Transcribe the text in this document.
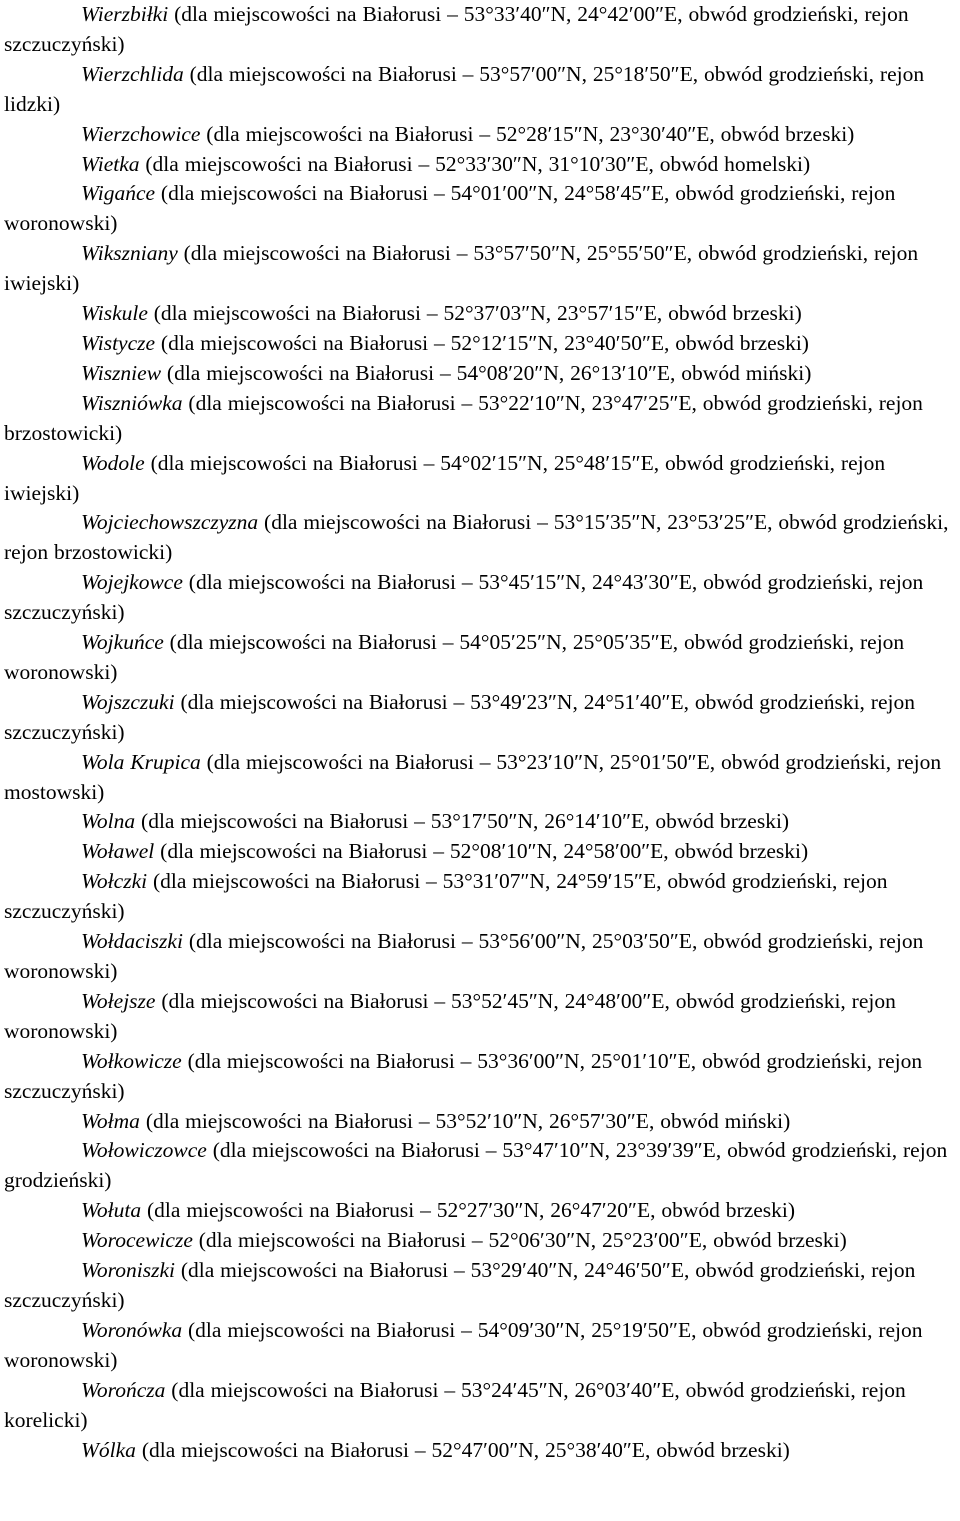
Wierzbiłki (dla miejscowości na Białorusi – 53°33′40″N, 24°42′00″E, obwód grodzieński, rejon szczuczyński)

Wierzchlida (dla miejscowości na Białorusi – 53°57′00″N, 25°18′50″E, obwód grodzieński, rejon lidzki)

Wierzchowice (dla miejscowości na Białorusi – 52°28′15″N, 23°30′40″E, obwód brzeski)

Wietka (dla miejscowości na Białorusi – 52°33′30″N, 31°10′30″E, obwód homelski)

Wigańce (dla miejscowości na Białorusi – 54°01′00″N, 24°58′45″E, obwód grodzieński, rejon woronowski)

Wiksznianу (dla miejscowości na Białorusi – 53°57′50″N, 25°55′50″E, obwód grodzieński, rejon iwiejski)

Wiskule (dla miejscowości na Białorusi – 52°37′03″N, 23°57′15″E, obwód brzeski)

Wistycze (dla miejscowości na Białorusi – 52°12′15″N, 23°40′50″E, obwód brzeski)

Wiszniew (dla miejscowości na Białorusi – 54°08′20″N, 26°13′10″E, obwód miński)

Wiszniówka (dla miejscowości na Białorusi – 53°22′10″N, 23°47′25″E, obwód grodzieński, rejon brzostowicki)

Wodole (dla miejscowości na Białorusi – 54°02′15″N, 25°48′15″E, obwód grodzieński, rejon iwiejski)

Wojciechowszczyzna (dla miejscowości na Białorusi – 53°15′35″N, 23°53′25″E, obwód grodzieński, rejon brzostowicki)

Wojejkowce (dla miejscowości na Białorusi – 53°45′15″N, 24°43′30″E, obwód grodzieński, rejon szczuczyński)

Wojkuńce (dla miejscowości na Białorusi – 54°05′25″N, 25°05′35″E, obwód grodzieński, rejon woronowski)

Wojszczuki (dla miejscowości na Białorusi – 53°49′23″N, 24°51′40″E, obwód grodzieński, rejon szczuczyński)

Wola Krupica (dla miejscowości na Białorusi – 53°23′10″N, 25°01′50″E, obwód grodzieński, rejon mostowski)

Wolna (dla miejscowości na Białorusi – 53°17′50″N, 26°14′10″E, obwód brzeski)

Woławel (dla miejscowości na Białorusi – 52°08′10″N, 24°58′00″E, obwód brzeski)

Wołczki (dla miejscowości na Białorusi – 53°31′07″N, 24°59′15″E, obwód grodzieński, rejon szczuczyński)

Wołdaciszki (dla miejscowości na Białorusi – 53°56′00″N, 25°03′50″E, obwód grodzieński, rejon woronowski)

Wołejsze (dla miejscowości na Białorusi – 53°52′45″N, 24°48′00″E, obwód grodzieński, rejon woronowski)

Wołkowicze (dla miejscowości na Białorusi – 53°36′00″N, 25°01′10″E, obwód grodzieński, rejon szczuczyński)

Wołma (dla miejscowości na Białorusi – 53°52′10″N, 26°57′30″E, obwód miński)

Wołowiczowce (dla miejscowości na Białorusi – 53°47′10″N, 23°39′39″E, obwód grodzieński, rejon grodzieński)

Wołuta (dla miejscowości na Białorusi – 52°27′30″N, 26°47′20″E, obwód brzeski)

Worocewicze (dla miejscowości na Białorusi – 52°06′30″N, 25°23′00″E, obwód brzeski)

Woroniszki (dla miejscowości na Białorusi – 53°29′40″N, 24°46′50″E, obwód grodzieński, rejon szczuczyński)

Woronówka (dla miejscowości na Białorusi – 54°09′30″N, 25°19′50″E, obwód grodzieński, rejon woronowski)

Worończa (dla miejscowości na Białorusi – 53°24′45″N, 26°03′40″E, obwód grodzieński, rejon korelicki)

Wólka (dla miejscowości na Białorusi – 52°47′00″N, 25°38′40″E, obwód brzeski)
